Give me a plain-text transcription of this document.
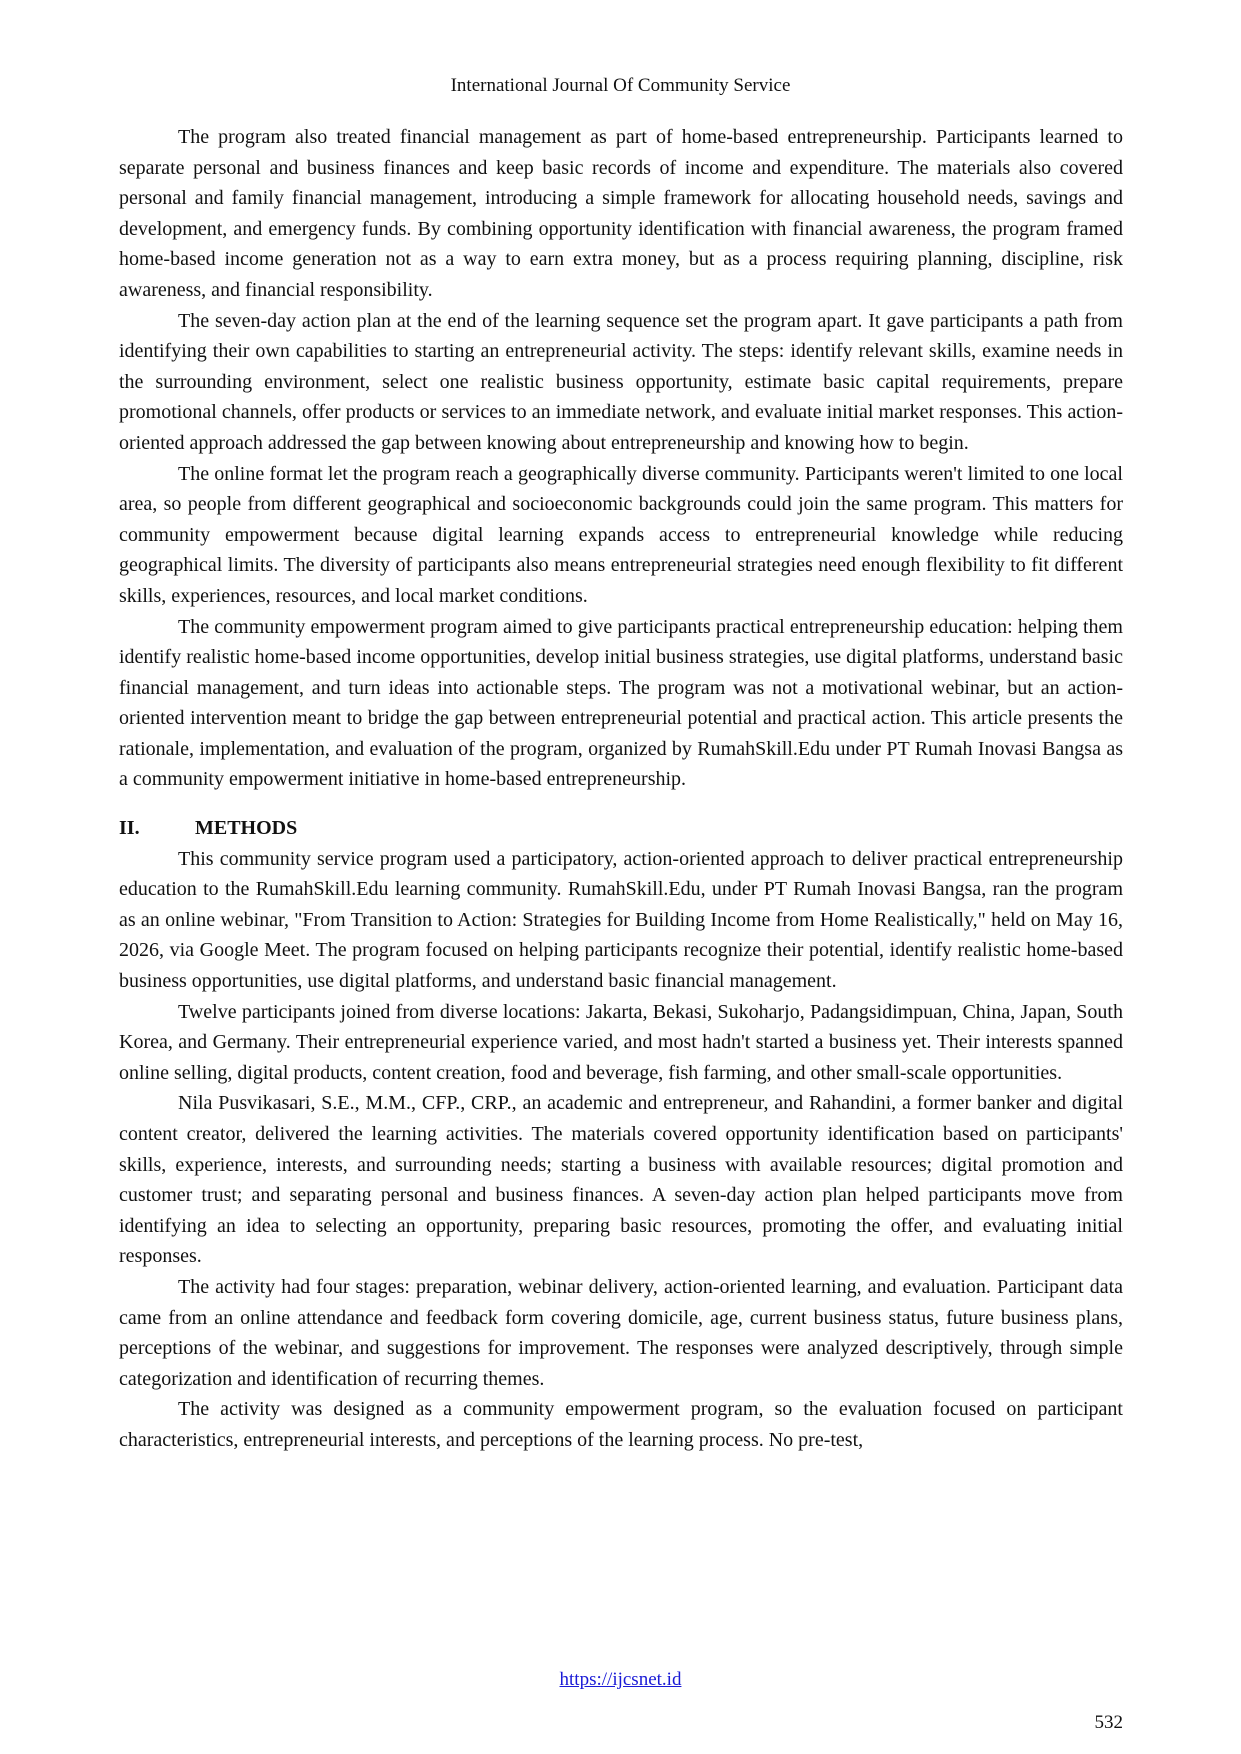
International Journal Of Community Service

The program also treated financial management as part of home-based entrepreneurship. Participants learned to separate personal and business finances and keep basic records of income and expenditure. The materials also covered personal and family financial management, introducing a simple framework for allocating household needs, savings and development, and emergency funds. By combining opportunity identification with financial awareness, the program framed home-based income generation not as a way to earn extra money, but as a process requiring planning, discipline, risk awareness, and financial responsibility.

The seven-day action plan at the end of the learning sequence set the program apart. It gave participants a path from identifying their own capabilities to starting an entrepreneurial activity. The steps: identify relevant skills, examine needs in the surrounding environment, select one realistic business opportunity, estimate basic capital requirements, prepare promotional channels, offer products or services to an immediate network, and evaluate initial market responses. This action-oriented approach addressed the gap between knowing about entrepreneurship and knowing how to begin.

The online format let the program reach a geographically diverse community. Participants weren't limited to one local area, so people from different geographical and socioeconomic backgrounds could join the same program. This matters for community empowerment because digital learning expands access to entrepreneurial knowledge while reducing geographical limits. The diversity of participants also means entrepreneurial strategies need enough flexibility to fit different skills, experiences, resources, and local market conditions.

The community empowerment program aimed to give participants practical entrepreneurship education: helping them identify realistic home-based income opportunities, develop initial business strategies, use digital platforms, understand basic financial management, and turn ideas into actionable steps. The program was not a motivational webinar, but an action-oriented intervention meant to bridge the gap between entrepreneurial potential and practical action. This article presents the rationale, implementation, and evaluation of the program, organized by RumahSkill.Edu under PT Rumah Inovasi Bangsa as a community empowerment initiative in home-based entrepreneurship.

II.	METHODS

This community service program used a participatory, action-oriented approach to deliver practical entrepreneurship education to the RumahSkill.Edu learning community. RumahSkill.Edu, under PT Rumah Inovasi Bangsa, ran the program as an online webinar, "From Transition to Action: Strategies for Building Income from Home Realistically," held on May 16, 2026, via Google Meet. The program focused on helping participants recognize their potential, identify realistic home-based business opportunities, use digital platforms, and understand basic financial management.

Twelve participants joined from diverse locations: Jakarta, Bekasi, Sukoharjo, Padangsidimpuan, China, Japan, South Korea, and Germany. Their entrepreneurial experience varied, and most hadn't started a business yet. Their interests spanned online selling, digital products, content creation, food and beverage, fish farming, and other small-scale opportunities.

Nila Pusvikasari, S.E., M.M., CFP., CRP., an academic and entrepreneur, and Rahandini, a former banker and digital content creator, delivered the learning activities. The materials covered opportunity identification based on participants' skills, experience, interests, and surrounding needs; starting a business with available resources; digital promotion and customer trust; and separating personal and business finances. A seven-day action plan helped participants move from identifying an idea to selecting an opportunity, preparing basic resources, promoting the offer, and evaluating initial responses.

The activity had four stages: preparation, webinar delivery, action-oriented learning, and evaluation. Participant data came from an online attendance and feedback form covering domicile, age, current business status, future business plans, perceptions of the webinar, and suggestions for improvement. The responses were analyzed descriptively, through simple categorization and identification of recurring themes.

The activity was designed as a community empowerment program, so the evaluation focused on participant characteristics, entrepreneurial interests, and perceptions of the learning process. No pre-test,

https://ijcsnet.id
532
